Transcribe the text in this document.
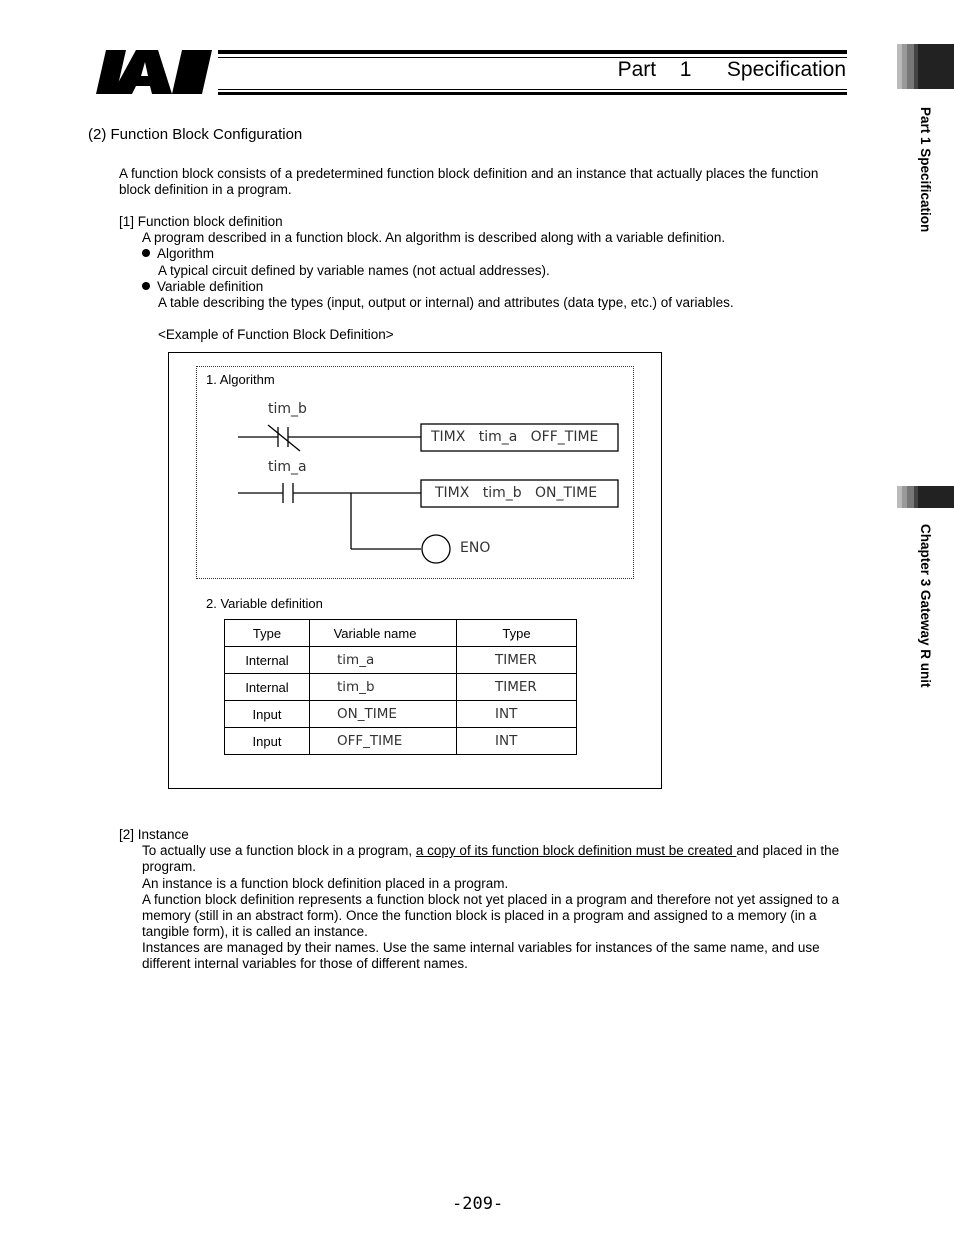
Part  1   Specification
Part 1 Specification
Chapter 3 Gateway R unit
(2) Function Block Configuration
A function block consists of a predetermined function block definition and an instance that actually places the function
block definition in a program.
[1] Function block definition
A program described in a function block. An algorithm is described along with a variable definition.
Algorithm
A typical circuit defined by variable names (not actual addresses).
Variable definition
A table describing the types (input, output or internal) and attributes (data type, etc.) of variables.
<Example of Function Block Definition>
1. Algorithm
tim_b
TIMX   tim_a   OFF_TIME
tim_a
TIMX   tim_b   ON_TIME
ENO
2. Variable definition
Type	Variable name	Type
Internal	tim_a	TIMER
Internal	tim_b	TIMER
Input	ON_TIME	INT
Input	OFF_TIME	INT
[2] Instance
To actually use a function block in a program, a copy of its function block definition must be created and placed in the
program.
An instance is a function block definition placed in a program.
A function block definition represents a function block not yet placed in a program and therefore not yet assigned to a
memory (still in an abstract form). Once the function block is placed in a program and assigned to a memory (in a
tangible form), it is called an instance.
Instances are managed by their names. Use the same internal variables for instances of the same name, and use
different internal variables for those of different names.
-209-
